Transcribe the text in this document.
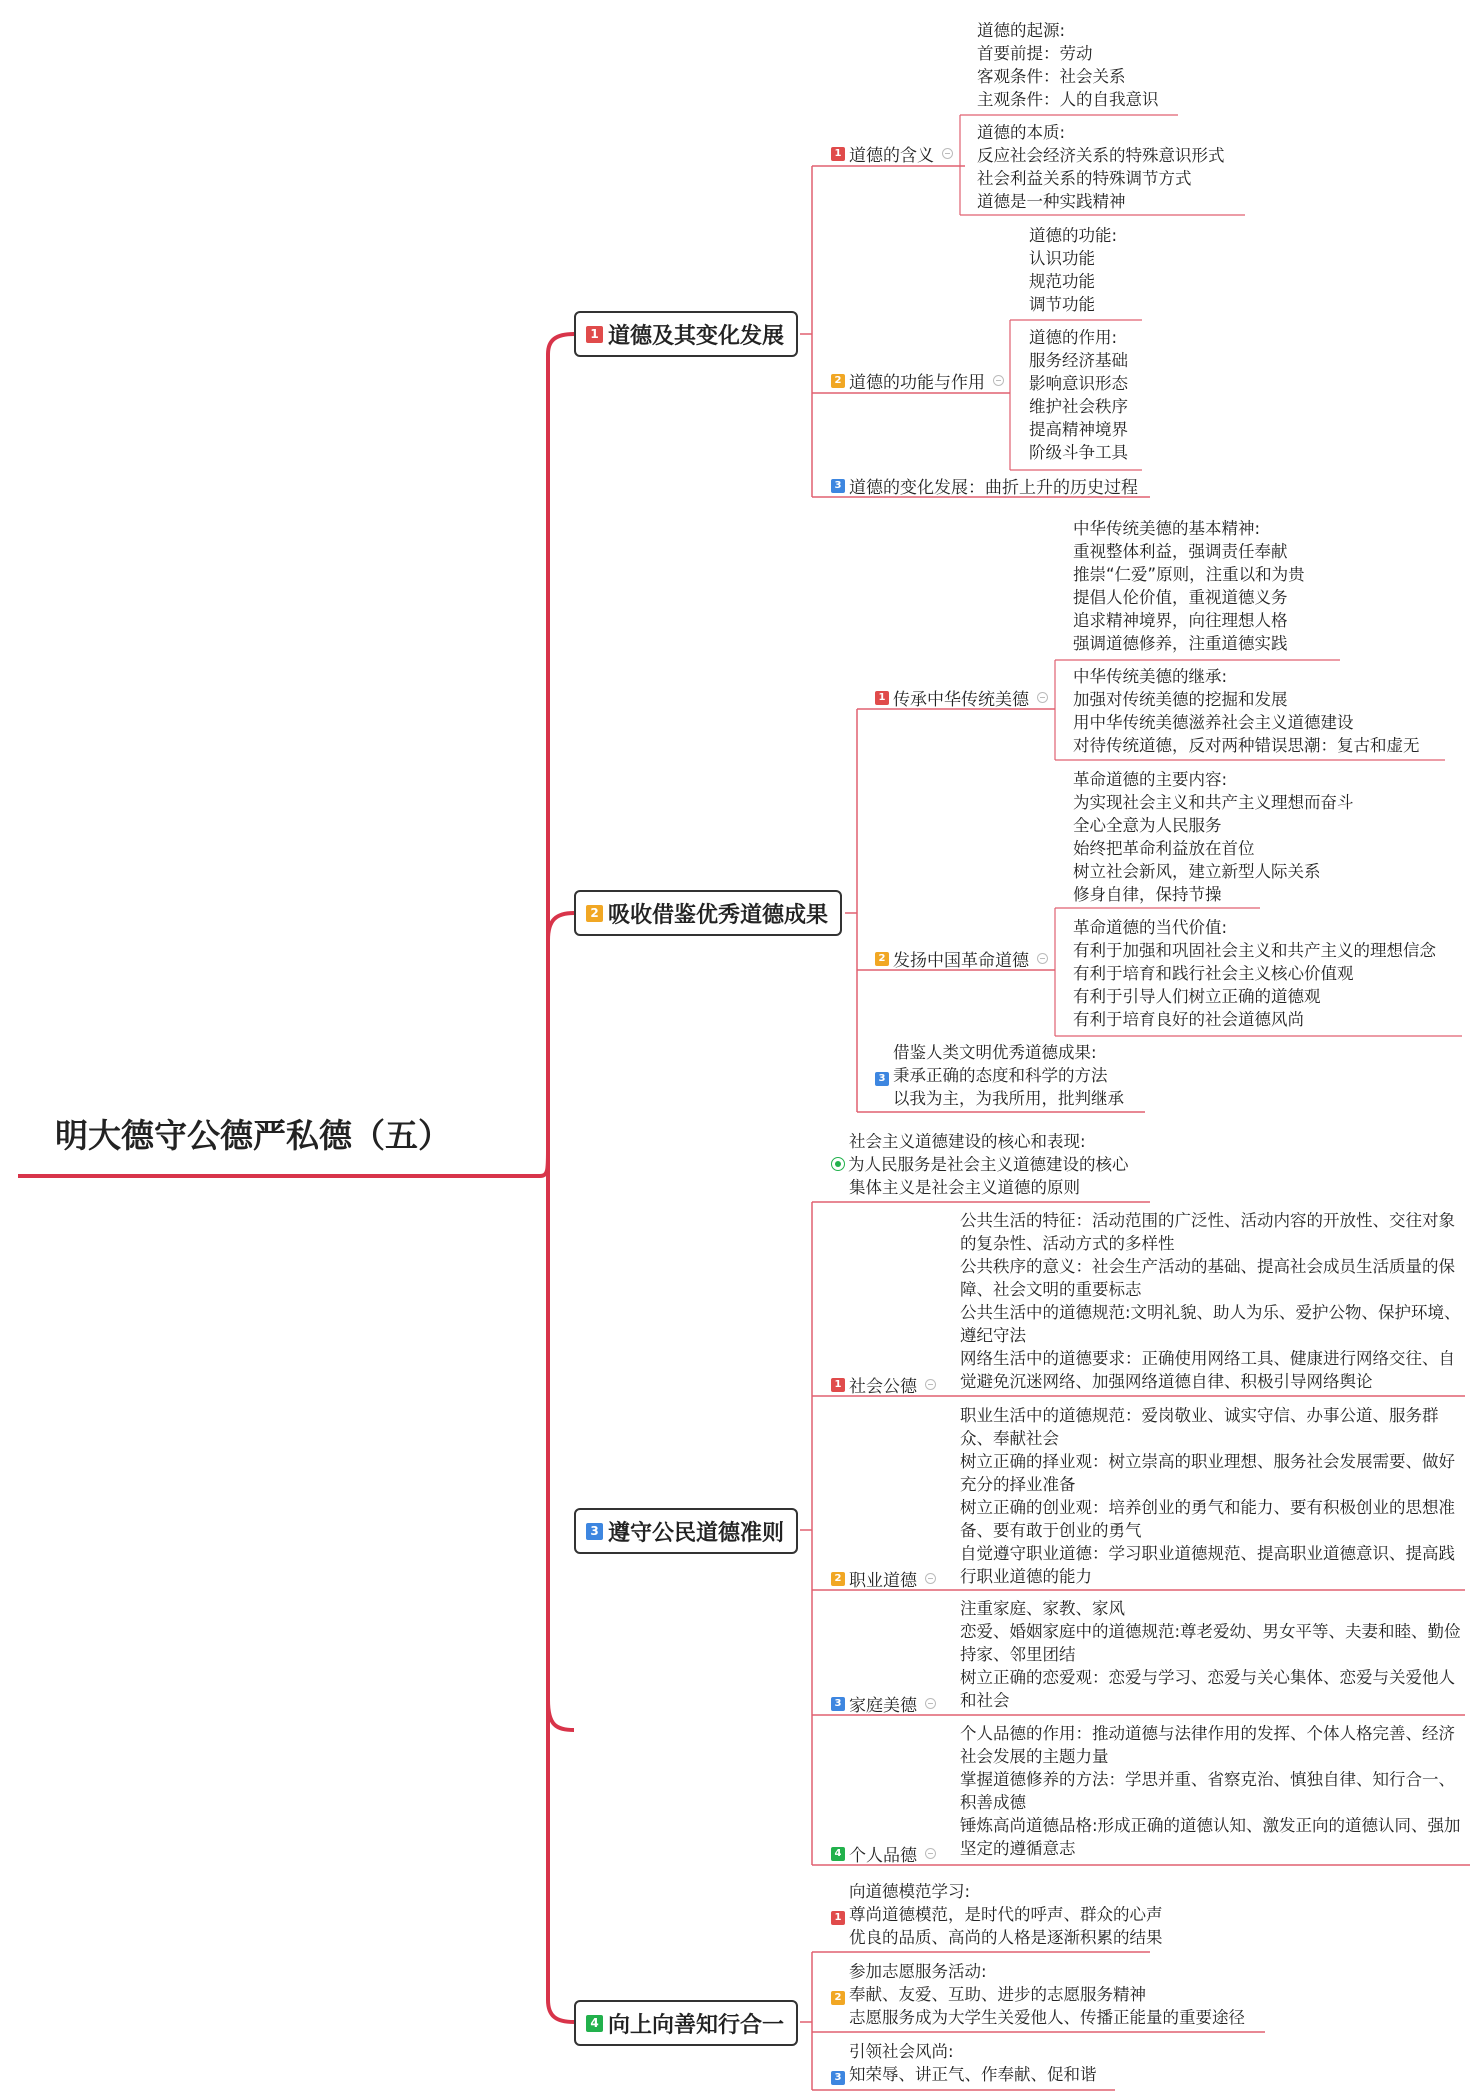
明大德守公德严私德（五）
1 道德及其变化发展
1 道德的含义
道德的起源:
首要前提：劳动
客观条件：社会关系
主观条件：人的自我意识
道德的本质:
反应社会经济关系的特殊意识形式
社会利益关系的特殊调节方式
道德是一种实践精神
2 道德的功能与作用
道德的功能:
认识功能
规范功能
调节功能
道德的作用:
服务经济基础
影响意识形态
维护社会秩序
提高精神境界
阶级斗争工具
3 道德的变化发展：曲折上升的历史过程
2 吸收借鉴优秀道德成果
1 传承中华传统美德
中华传统美德的基本精神:
重视整体利益，强调责任奉献
推崇“仁爱”原则，注重以和为贵
提倡人伦价值，重视道德义务
追求精神境界，向往理想人格
强调道德修养，注重道德实践
中华传统美德的继承:
加强对传统美德的挖掘和发展
用中华传统美德滋养社会主义道德建设
对待传统道德，反对两种错误思潮：复古和虚无
2 发扬中国革命道德
革命道德的主要内容:
为实现社会主义和共产主义理想而奋斗
全心全意为人民服务
始终把革命利益放在首位
树立社会新风，建立新型人际关系
修身自律，保持节操
革命道德的当代价值:
有利于加强和巩固社会主义和共产主义的理想信念
有利于培育和践行社会主义核心价值观
有利于引导人们树立正确的道德观
有利于培育良好的社会道德风尚
借鉴人类文明优秀道德成果:
3 秉承正确的态度和科学的方法
以我为主，为我所用，批判继承
3 遵守公民道德准则
社会主义道德建设的核心和表现:
为人民服务是社会主义道德建设的核心
集体主义是社会主义道德的原则
1 社会公德
公共生活的特征：活动范围的广泛性、活动内容的开放性、交往对象的复杂性、活动方式的多样性
公共秩序的意义：社会生产活动的基础、提高社会成员生活质量的保障、社会文明的重要标志
公共生活中的道德规范:文明礼貌、助人为乐、爱护公物、保护环境、遵纪守法
网络生活中的道德要求：正确使用网络工具、健康进行网络交往、自觉避免沉迷网络、加强网络道德自律、积极引导网络舆论
2 职业道德
职业生活中的道德规范：爱岗敬业、诚实守信、办事公道、服务群众、奉献社会
树立正确的择业观：树立崇高的职业理想、服务社会发展需要、做好充分的择业准备
树立正确的创业观：培养创业的勇气和能力、要有积极创业的思想准备、要有敢于创业的勇气
自觉遵守职业道德：学习职业道德规范、提高职业道德意识、提高践行职业道德的能力
3 家庭美德
注重家庭、家教、家风
恋爱、婚姻家庭中的道德规范:尊老爱幼、男女平等、夫妻和睦、勤俭持家、邻里团结
树立正确的恋爱观：恋爱与学习、恋爱与关心集体、恋爱与关爱他人和社会
4 个人品德
个人品德的作用：推动道德与法律作用的发挥、个体人格完善、经济社会发展的主题力量
掌握道德修养的方法：学思并重、省察克治、慎独自律、知行合一、积善成德
锤炼高尚道德品格:形成正确的道德认知、激发正向的道德认同、强加坚定的遵循意志
4 向上向善知行合一
向道德模范学习:
1 尊尚道德模范，是时代的呼声、群众的心声
优良的品质、高尚的人格是逐渐积累的结果
参加志愿服务活动:
2 奉献、友爱、互助、进步的志愿服务精神
志愿服务成为大学生关爱他人、传播正能量的重要途径
引领社会风尚:
3 知荣辱、讲正气、作奉献、促和谐
